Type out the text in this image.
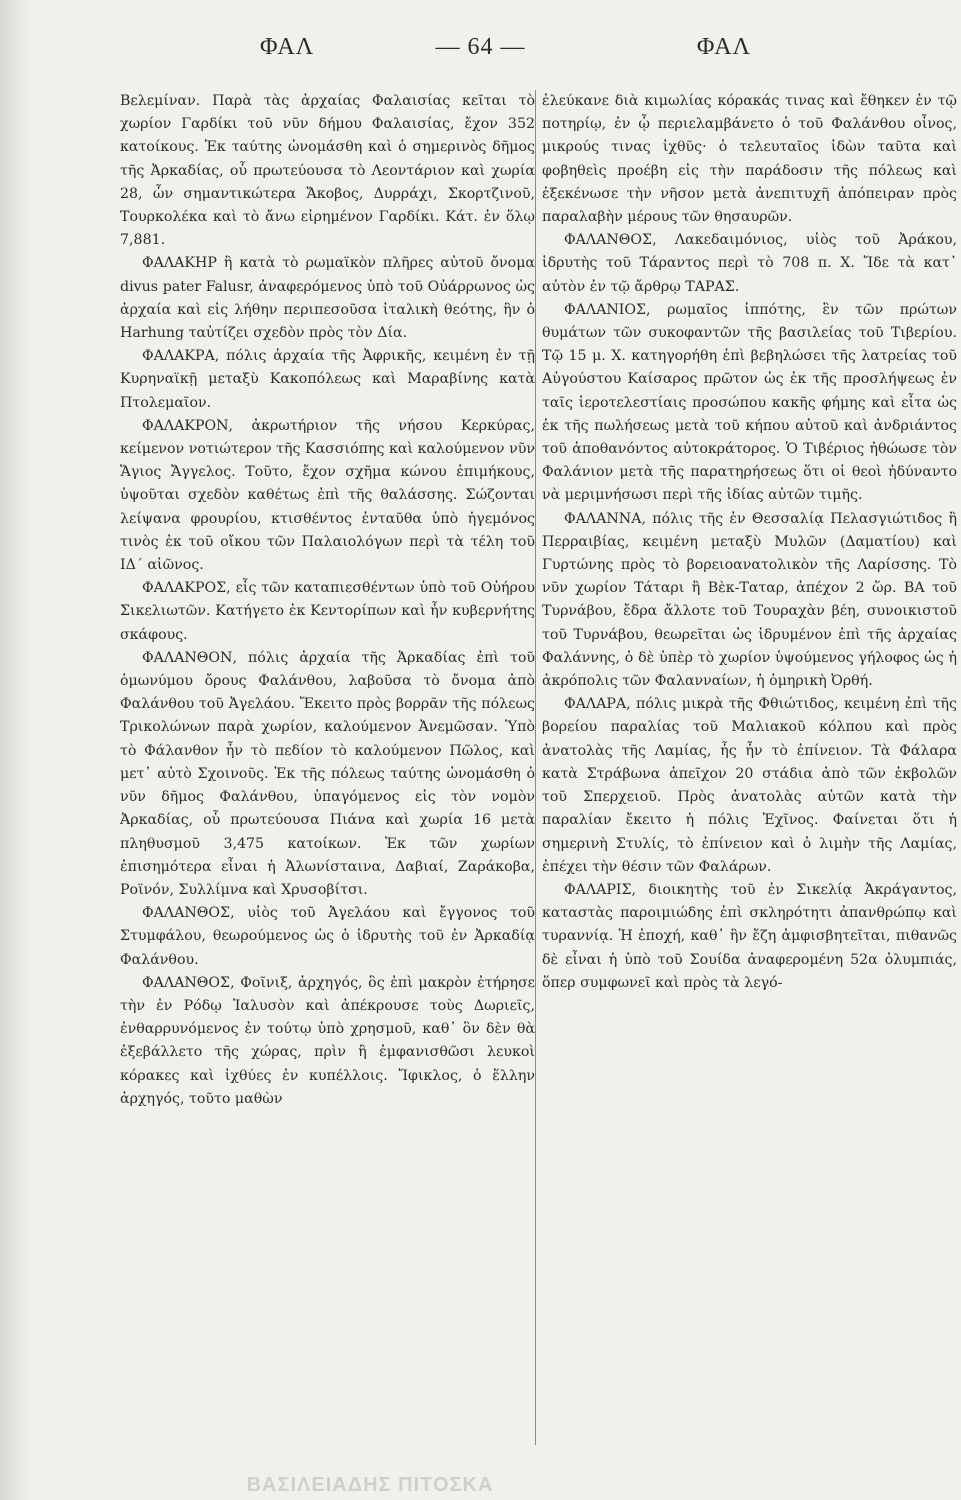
ΦΑΛ	— 64 —	ΦΑΛ

Βελεμίναν. Παρὰ τὰς ἀρχαίας Φαλαισίας κεῖται τὸ χωρίον Γαρδίκι τοῦ νῦν δήμου Φαλαισίας, ἔχον 352 κατοίκους. Ἐκ ταύτης ὠνομάσθη καὶ ὁ σημερινὸς δῆμος τῆς Ἀρκαδίας, οὗ πρωτεύουσα τὸ Λεοντάριον καὶ χωρία 28, ὧν σημαντικώτερα Ἄκοβος, Δυρράχι, Σκορτζινοῦ, Τουρκολέκα καὶ τὸ ἄνω εἰρημένον Γαρδίκι. Κάτ. ἐν ὅλῳ 7,881.

ΦΑΛΑΚΗΡ ἢ κατὰ τὸ ρωμαϊκὸν πλῆρες αὐτοῦ ὄνομα divus pater Falusr, ἀναφερόμενος ὑπὸ τοῦ Οὐάρρωνος ὡς ἀρχαία καὶ εἰς λήθην περιπεσοῦσα ἰταλικὴ θεότης, ἣν ὁ Harhung ταὐτίζει σχεδὸν πρὸς τὸν Δία.

ΦΑΛΑΚΡΑ, πόλις ἀρχαία τῆς Ἀφρικῆς, κειμένη ἐν τῇ Κυρηναϊκῇ μεταξὺ Κακοπόλεως καὶ Μαραβίνης κατὰ Πτολεμαῖον.

ΦΑΛΑΚΡΟΝ, ἀκρωτήριον τῆς νήσου Κερκύρας, κείμενον νοτιώτερον τῆς Κασσιόπης καὶ καλούμενον νῦν Ἅγιος Ἄγγελος. Τοῦτο, ἔχον σχῆμα κώνου ἐπιμήκους, ὑψοῦται σχεδὸν καθέτως ἐπὶ τῆς θαλάσσης. Σώζονται λείψανα φρουρίου, κτισθέντος ἐνταῦθα ὑπὸ ἡγεμόνος τινὸς ἐκ τοῦ οἴκου τῶν Παλαιολόγων περὶ τὰ τέλη τοῦ ΙΔ΄ αἰῶνος.

ΦΑΛΑΚΡΟΣ, εἷς τῶν καταπιεσθέντων ὑπὸ τοῦ Οὐήρου Σικελιωτῶν. Κατήγετο ἐκ Κεντορίπων καὶ ἦν κυβερνήτης σκάφους.

ΦΑΛΑΝΘΟΝ, πόλις ἀρχαία τῆς Ἀρκαδίας ἐπὶ τοῦ ὁμωνύμου ὄρους Φαλάνθου, λαβοῦσα τὸ ὄνομα ἀπὸ Φαλάνθου τοῦ Ἀγελάου. Ἔκειτο πρὸς βορρᾶν τῆς πόλεως Τρικολώνων παρὰ χωρίον, καλούμενον Ἀνεμῶσαν. Ὑπὸ τὸ Φάλανθον ἦν τὸ πεδίον τὸ καλούμενον Πῶλος, καὶ μετ᾽ αὐτὸ Σχοινοῦς. Ἐκ τῆς πόλεως ταύτης ὠνομάσθη ὁ νῦν δῆμος Φαλάνθου, ὑπαγόμενος εἰς τὸν νομὸν Ἀρκαδίας, οὗ πρωτεύουσα Πιάνα καὶ χωρία 16 μετὰ πληθυσμοῦ 3,475 κατοίκων. Ἐκ τῶν χωρίων ἐπισημότερα εἶναι ἡ Ἀλωνίσταινα, Δαβιαί, Ζαράκοβα, Ροϊνόν, Συλλίμνα καὶ Χρυσοβίτσι.

ΦΑΛΑΝΘΟΣ, υἱὸς τοῦ Ἀγελάου καὶ ἔγγονος τοῦ Στυμφάλου, θεωρούμενος ὡς ὁ ἱδρυτὴς τοῦ ἐν Ἀρκαδίᾳ Φαλάνθου.

ΦΑΛΑΝΘΟΣ, Φοῖνιξ, ἀρχηγός, ὃς ἐπὶ μακρὸν ἐτήρησε τὴν ἐν Ρόδῳ Ἰαλυσὸν καὶ ἀπέκρουσε τοὺς Δωριεῖς, ἐνθαρρυνόμενος ἐν τούτῳ ὑπὸ χρησμοῦ, καθ᾽ ὃν δὲν θὰ ἐξεβάλλετο τῆς χώρας, πρὶν ἢ ἐμφανισθῶσι λευκοὶ κόρακες καὶ ἰχθύες ἐν κυπέλλοις. Ἴφικλος, ὁ ἕλλην ἀρχηγός, τοῦτο μαθὼν

ἐλεύκανε διὰ κιμωλίας κόρακάς τινας καὶ ἔθηκεν ἐν τῷ ποτηρίῳ, ἐν ᾧ περιελαμβάνετο ὁ τοῦ Φαλάνθου οἶνος, μικρούς τινας ἰχθῦς· ὁ τελευταῖος ἰδὼν ταῦτα καὶ φοβηθεὶς προέβη εἰς τὴν παράδοσιν τῆς πόλεως καὶ ἐξεκένωσε τὴν νῆσον μετὰ ἀνεπιτυχῆ ἀπόπειραν πρὸς παραλαβὴν μέρους τῶν θησαυρῶν.

ΦΑΛΑΝΘΟΣ, Λακεδαιμόνιος, υἱὸς τοῦ Ἀράκου, ἱδρυτὴς τοῦ Τάραντος περὶ τὸ 708 π. Χ. Ἴδε τὰ κατ᾽ αὐτὸν ἐν τῷ ἄρθρῳ ΤΑΡΑΣ.

ΦΑΛΑΝΙΟΣ, ρωμαῖος ἱππότης, ἓν τῶν πρώτων θυμάτων τῶν συκοφαντῶν τῆς βασιλείας τοῦ Τιβερίου. Τῷ 15 μ. Χ. κατηγορήθη ἐπὶ βεβηλώσει τῆς λατρείας τοῦ Αὐγούστου Καίσαρος πρῶτον ὡς ἐκ τῆς προσλήψεως ἐν ταῖς ἱεροτελεστίαις προσώπου κακῆς φήμης καὶ εἶτα ὡς ἐκ τῆς πωλήσεως μετὰ τοῦ κήπου αὐτοῦ καὶ ἀνδριάντος τοῦ ἀποθανόντος αὐτοκράτορος. Ὁ Τιβέριος ἠθώωσε τὸν Φαλάνιον μετὰ τῆς παρατηρήσεως ὅτι οἱ θεοὶ ἠδύναντο νὰ μεριμνήσωσι περὶ τῆς ἰδίας αὐτῶν τιμῆς.

ΦΑΛΑΝΝΑ, πόλις τῆς ἐν Θεσσαλίᾳ Πελασγιώτιδος ἢ Περραιβίας, κειμένη μεταξὺ Μυλῶν (Δαματίου) καὶ Γυρτώνης πρὸς τὸ βορειοανατολικὸν τῆς Λαρίσσης. Τὸ νῦν χωρίον Τάταρι ἢ Βὲκ-Ταταρ, ἀπέχον 2 ὥρ. ΒΑ τοῦ Τυρνάβου, ἔδρα ἄλλοτε τοῦ Τουραχὰν βέη, συνοικιστοῦ τοῦ Τυρνάβου, θεωρεῖται ὡς ἱδρυμένον ἐπὶ τῆς ἀρχαίας Φαλάννης, ὁ δὲ ὑπὲρ τὸ χωρίον ὑψούμενος γήλοφος ὡς ἡ ἀκρόπολις τῶν Φαλανναίων, ἡ ὁμηρικὴ Ὀρθή.

ΦΑΛΑΡΑ, πόλις μικρὰ τῆς Φθιώτιδος, κειμένη ἐπὶ τῆς βορείου παραλίας τοῦ Μαλιακοῦ κόλπου καὶ πρὸς ἀνατολὰς τῆς Λαμίας, ἧς ἦν τὸ ἐπίνειον. Τὰ Φάλαρα κατὰ Στράβωνα ἀπεῖχον 20 στάδια ἀπὸ τῶν ἐκβολῶν τοῦ Σπερχειοῦ. Πρὸς ἀνατολὰς αὐτῶν κατὰ τὴν παραλίαν ἔκειτο ἡ πόλις Ἐχῖνος. Φαίνεται ὅτι ἡ σημερινὴ Στυλίς, τὸ ἐπίνειον καὶ ὁ λιμὴν τῆς Λαμίας, ἐπέχει τὴν θέσιν τῶν Φαλάρων.

ΦΑΛΑΡΙΣ, διοικητὴς τοῦ ἐν Σικελίᾳ Ἀκράγαντος, καταστὰς παροιμιώδης ἐπὶ σκληρότητι ἀπανθρώπῳ καὶ τυραννίᾳ. Ἡ ἐποχή, καθ᾽ ἣν ἔζη ἀμφισβητεῖται, πιθανῶς δὲ εἶναι ἡ ὑπὸ τοῦ Σουίδα ἀναφερομένη 52α ὀλυμπιάς, ὅπερ συμφωνεῖ καὶ πρὸς τὰ λεγό-

ΒΑΣΙΛΕΙΑΔΗΣ ΠΙΤΟΣΚΑ
